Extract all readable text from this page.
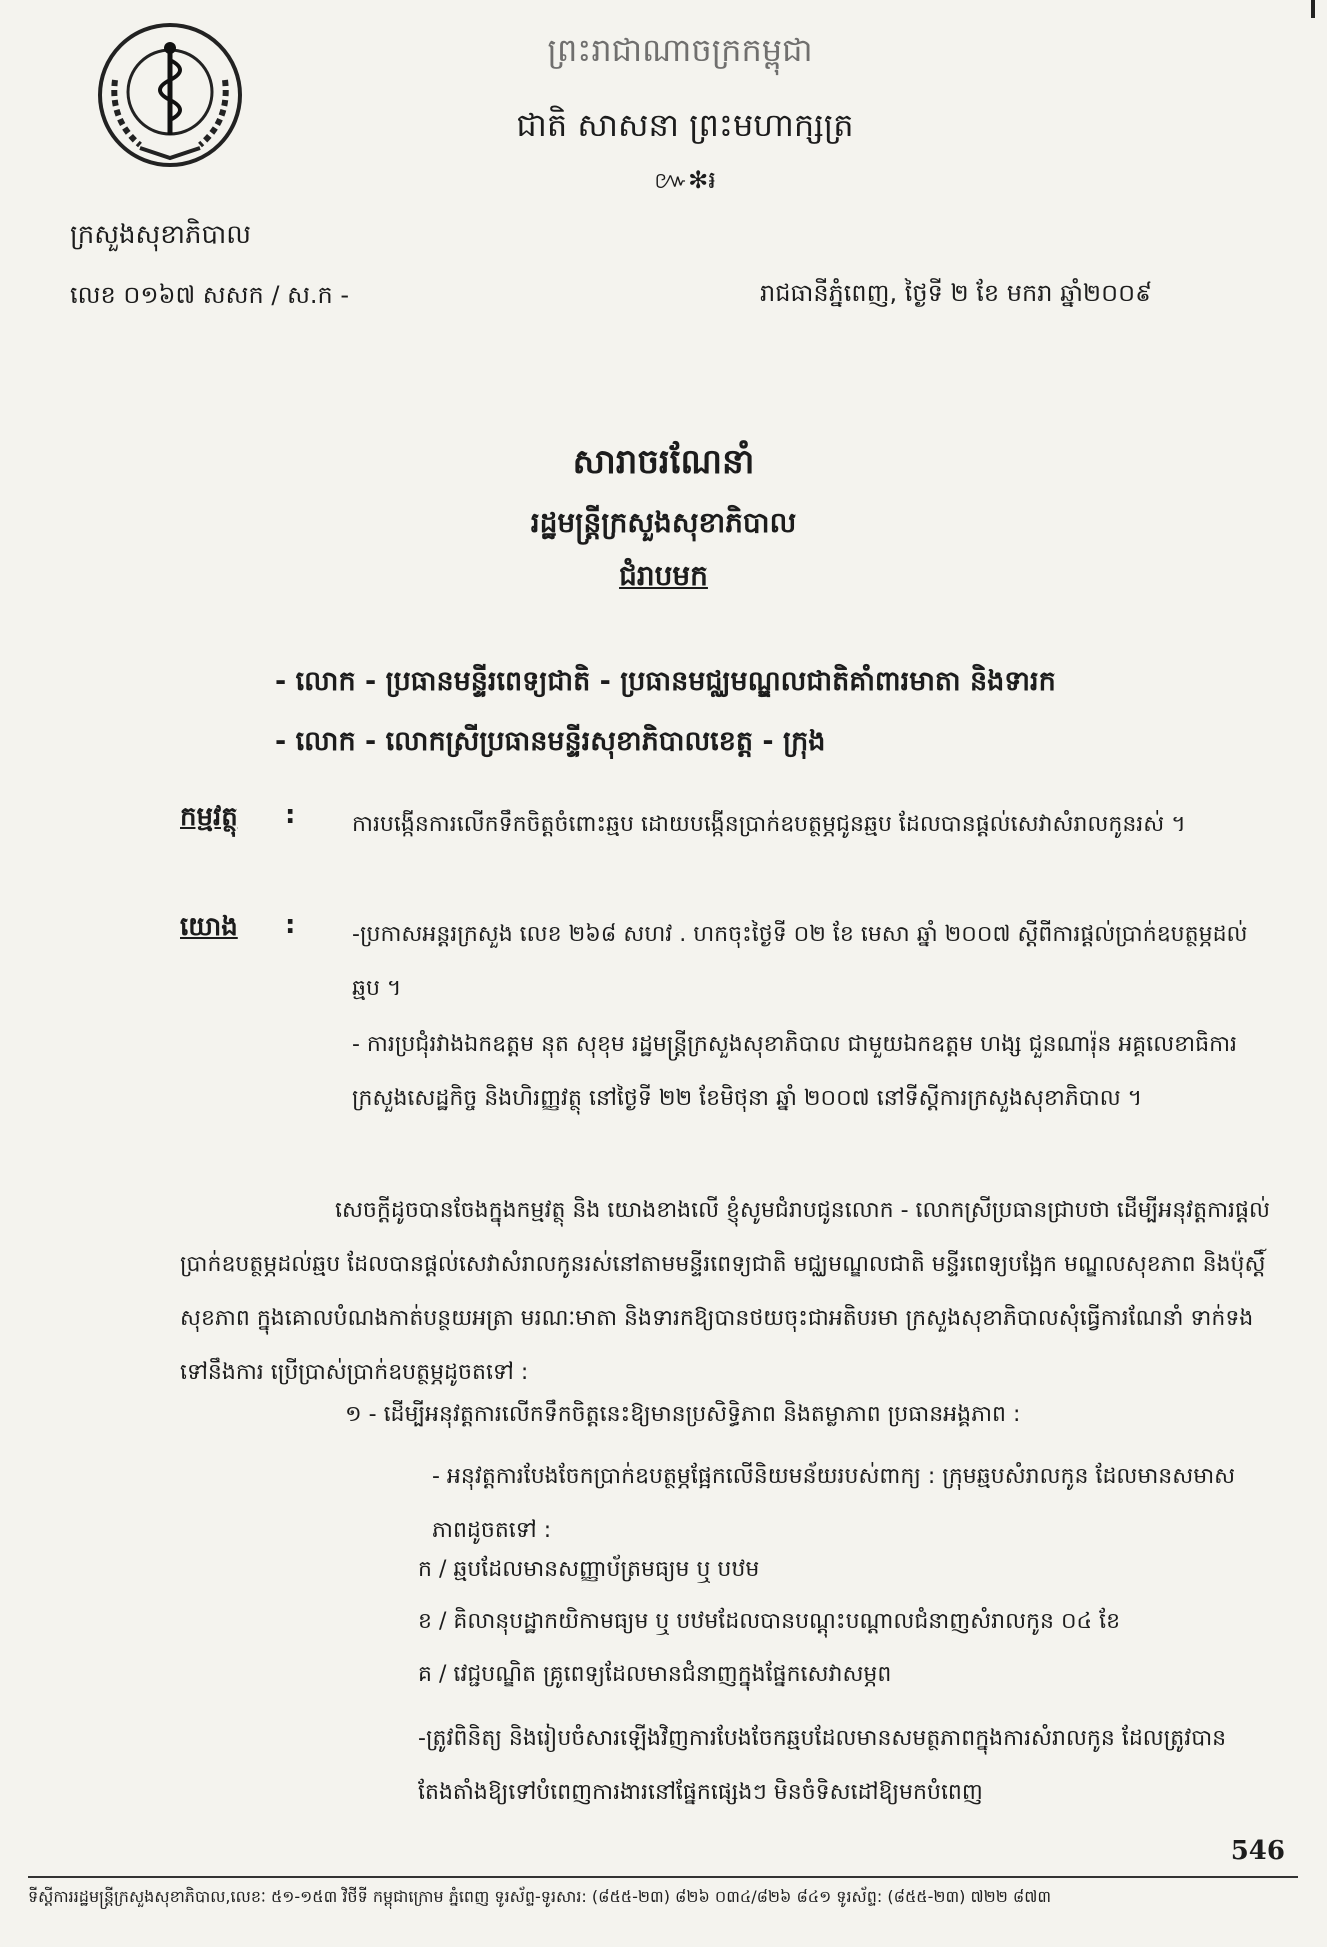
ក្រសួងសុខាភិបាល
លេខ ០១៦៧ សសក / ស.ក -
ព្រះរាជាណាចក្រកម្ពុជា
ជាតិ សាសនា ព្រះមហាក្សត្រ
៚✻៛
រាជធានីភ្នំពេញ, ថ្ងៃទី ២ ខែ មករា ឆ្នាំ២០០៩
សារាចរណែនាំ
រដ្ឋមន្ត្រីក្រសួងសុខាភិបាល
ជំរាបមក
- លោក - ប្រធានមន្ទីរពេទ្យជាតិ - ប្រធានមជ្ឈមណ្ឌលជាតិគាំពារមាតា និងទារក
- លោក - លោកស្រីប្រធានមន្ទីរសុខាភិបាលខេត្ត - ក្រុង
កម្មវត្ថុ :	ការបង្កើនការលើកទឹកចិត្តចំពោះឆ្មប ដោយបង្កើនប្រាក់ឧបត្ថម្ភជូនឆ្មប ដែលបានផ្តល់សេវាសំរាលកូនរស់ ។
យោង :	-ប្រកាសអន្តរក្រសួង លេខ ២៦៨ សហវ . ហកចុះថ្ងៃទី ០២ ខែ មេសា ឆ្នាំ ២០០៧ ស្តីពីការផ្តល់ប្រាក់ឧបត្ថម្ភដល់ឆ្មប ។
- ការប្រជុំរវាងឯកឧត្តម នុត សុខុម រដ្ឋមន្ត្រីក្រសួងសុខាភិបាល ជាមួយឯកឧត្តម ហង្ស ជួនណារ៉ុន អគ្គលេខាធិការក្រសួងសេដ្ឋកិច្ច និងហិរញ្ញវត្ថុ នៅថ្ងៃទី ២២ ខែមិថុនា ឆ្នាំ ២០០៧ នៅទីស្តីការក្រសួងសុខាភិបាល ។
សេចក្តីដូចបានចែងក្នុងកម្មវត្ថុ និង យោងខាងលើ ខ្ញុំសូមជំរាបជូនលោក - លោកស្រីប្រធានជ្រាបថា ដើម្បីអនុវត្តការផ្តល់ប្រាក់ឧបត្ថម្ភដល់ឆ្មប ដែលបានផ្តល់សេវាសំរាលកូនរស់នៅតាមមន្ទីរពេទ្យជាតិ មជ្ឈមណ្ឌលជាតិ មន្ទីរពេទ្យបង្អែក មណ្ឌលសុខភាព និងប៉ុស្តិ៍សុខភាព ក្នុងគោលបំណងកាត់បន្ថយអត្រា មរណៈមាតា និងទារកឱ្យបានថយចុះជាអតិបរមា ក្រសួងសុខាភិបាលសុំធ្វើការណែនាំ ទាក់ទងទៅនឹងការ ប្រើប្រាស់ប្រាក់ឧបត្ថម្ភដូចតទៅ :
១ - ដើម្បីអនុវត្តការលើកទឹកចិត្តនេះឱ្យមានប្រសិទ្ធិភាព និងតម្លាភាព ប្រធានអង្គភាព :
- អនុវត្តការបែងចែកប្រាក់ឧបត្ថម្ភផ្អែកលើនិយមន័យរបស់ពាក្យ : ក្រុមឆ្មបសំរាលកូន ដែលមានសមាសភាពដូចតទៅ :
ក / ឆ្មបដែលមានសញ្ញាប័ត្រមធ្យម ឬ បឋម
ខ / គិលានុបដ្ឋាកយិកាមធ្យម ឬ បឋមដែលបានបណ្តុះបណ្តាលជំនាញសំរាលកូន ០៤ ខែ
គ / វេជ្ជបណ្ឌិត គ្រូពេទ្យដែលមានជំនាញក្នុងផ្នែកសេវាសម្ភព
-ត្រូវពិនិត្យ និងរៀបចំសារឡើងវិញការបែងចែកឆ្មបដែលមានសមត្ថភាពក្នុងការសំរាលកូន ដែលត្រូវបានតែងតាំងឱ្យទៅបំពេញការងារនៅផ្នែកផ្សេងៗ មិនចំទិសដៅឱ្យមកបំពេញ
546
ទីស្តីការរដ្ឋមន្ត្រីក្រសួងសុខាភិបាល,លេខៈ ៥១-១៥៣ វិថីទី កម្ពុជាក្រោម ភ្នំពេញ ទូរស័ព្ទ-ទូរសារ: (៨៥៥-២៣) ៨២៦ ០៣៤/៨២៦ ៨៤១ ទូរស័ព្ទ: (៨៥៥-២៣) ៧២២ ៨៧៣
